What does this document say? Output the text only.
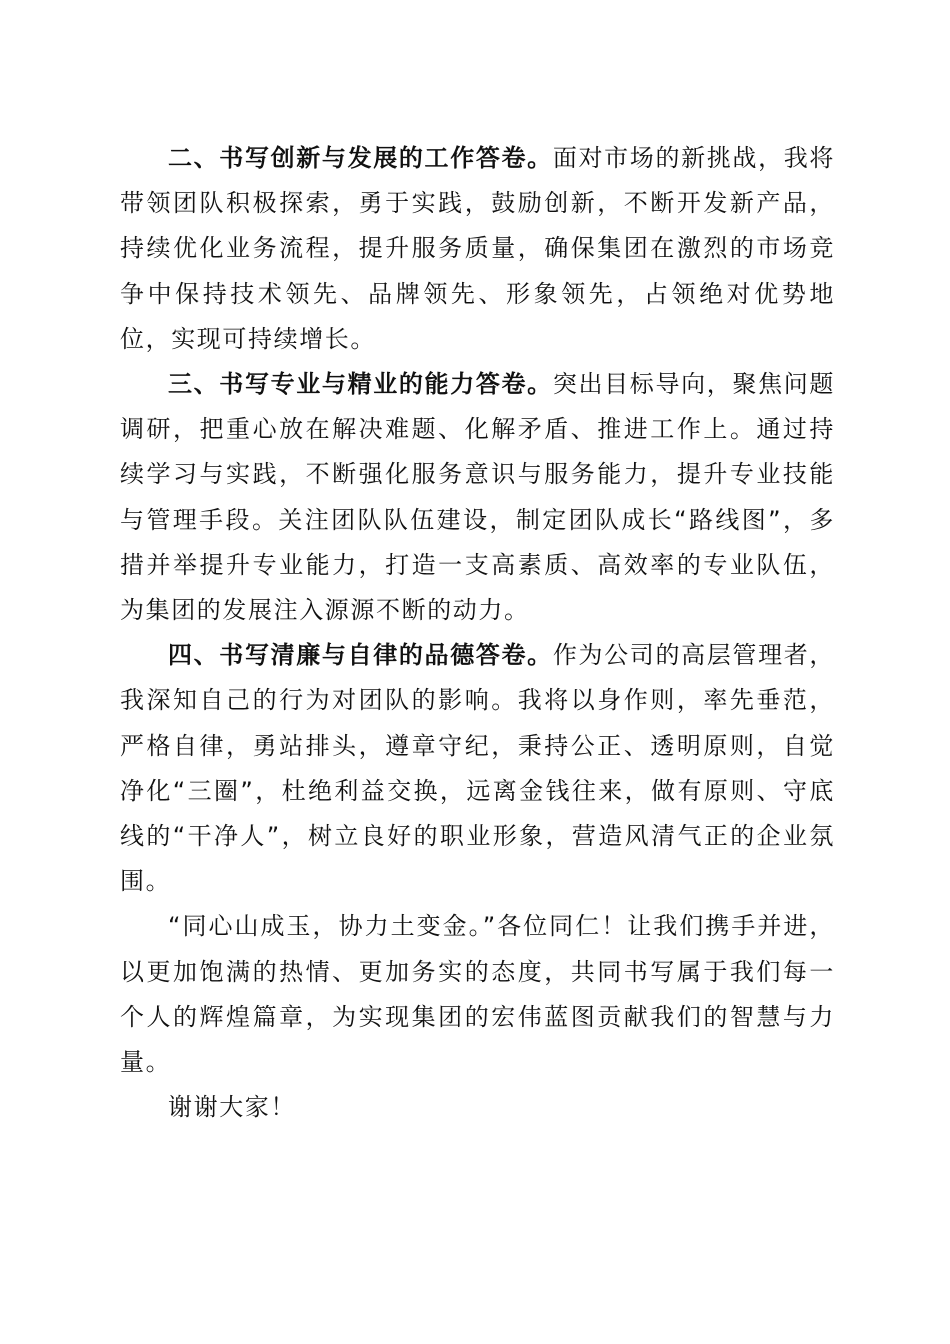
二、书写创新与发展的工作答卷。面对市场的新挑战，我将带领团队积极探索，勇于实践，鼓励创新，不断开发新产品，持续优化业务流程，提升服务质量，确保集团在激烈的市场竞争中保持技术领先、品牌领先、形象领先，占领绝对优势地位，实现可持续增长。

三、书写专业与精业的能力答卷。突出目标导向，聚焦问题调研，把重心放在解决难题、化解矛盾、推进工作上。通过持续学习与实践，不断强化服务意识与服务能力，提升专业技能与管理手段。关注团队队伍建设，制定团队成长“路线图”，多措并举提升专业能力，打造一支高素质、高效率的专业队伍，为集团的发展注入源源不断的动力。

四、书写清廉与自律的品德答卷。作为公司的高层管理者，我深知自己的行为对团队的影响。我将以身作则，率先垂范，严格自律，勇站排头，遵章守纪，秉持公正、透明原则，自觉净化“三圈”，杜绝利益交换，远离金钱往来，做有原则、守底线的“干净人”，树立良好的职业形象，营造风清气正的企业氛围。

“同心山成玉，协力土变金。”各位同仁！让我们携手并进，以更加饱满的热情、更加务实的态度，共同书写属于我们每一个人的辉煌篇章，为实现集团的宏伟蓝图贡献我们的智慧与力量。

谢谢大家！
